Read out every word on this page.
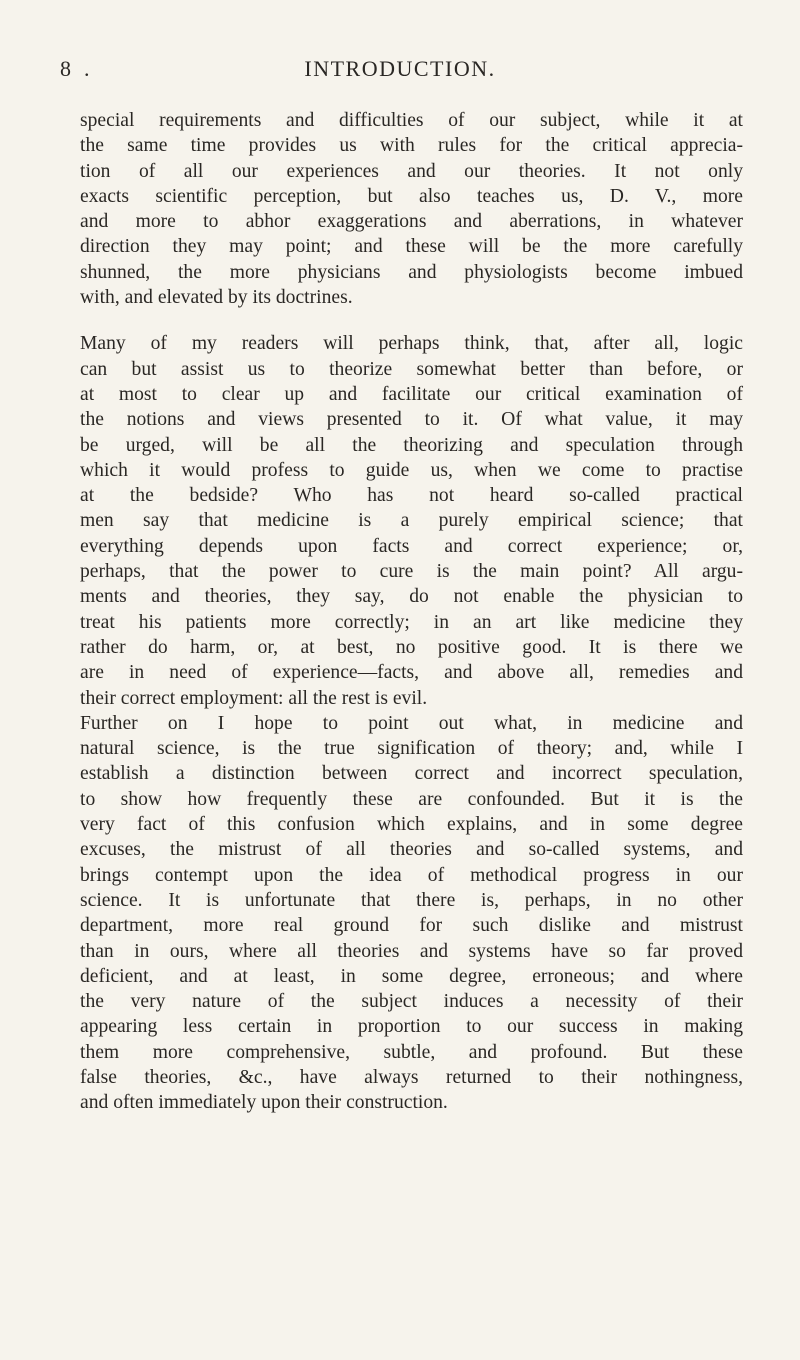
8 .	INTRODUCTION.
special requirements and difficulties of our subject, while it at
the same time provides us with rules for the critical apprecia-
tion of all our experiences and our theories. It not only
exacts scientific perception, but also teaches us, D. V., more
and more to abhor exaggerations and aberrations, in whatever
direction they may point; and these will be the more carefully
shunned, the more physicians and physiologists become imbued
with, and elevated by its doctrines.
Many of my readers will perhaps think, that, after all, logic
can but assist us to theorize somewhat better than before, or
at most to clear up and facilitate our critical examination of
the notions and views presented to it. Of what value, it may
be urged, will be all the theorizing and speculation through
which it would profess to guide us, when we come to practise
at the bedside? Who has not heard so-called practical
men say that medicine is a purely empirical science; that
everything depends upon facts and correct experience; or,
perhaps, that the power to cure is the main point? All argu-
ments and theories, they say, do not enable the physician to
treat his patients more correctly; in an art like medicine they
rather do harm, or, at best, no positive good. It is there we
are in need of experience—facts, and above all, remedies and
their correct employment: all the rest is evil.
Further on I hope to point out what, in medicine and
natural science, is the true signification of theory; and, while I
establish a distinction between correct and incorrect speculation,
to show how frequently these are confounded. But it is the
very fact of this confusion which explains, and in some degree
excuses, the mistrust of all theories and so-called systems, and
brings contempt upon the idea of methodical progress in our
science. It is unfortunate that there is, perhaps, in no other
department, more real ground for such dislike and mistrust
than in ours, where all theories and systems have so far proved
deficient, and at least, in some degree, erroneous; and where
the very nature of the subject induces a necessity of their
appearing less certain in proportion to our success in making
them more comprehensive, subtle, and profound. But these
false theories, &c., have always returned to their nothingness,
and often immediately upon their construction.
